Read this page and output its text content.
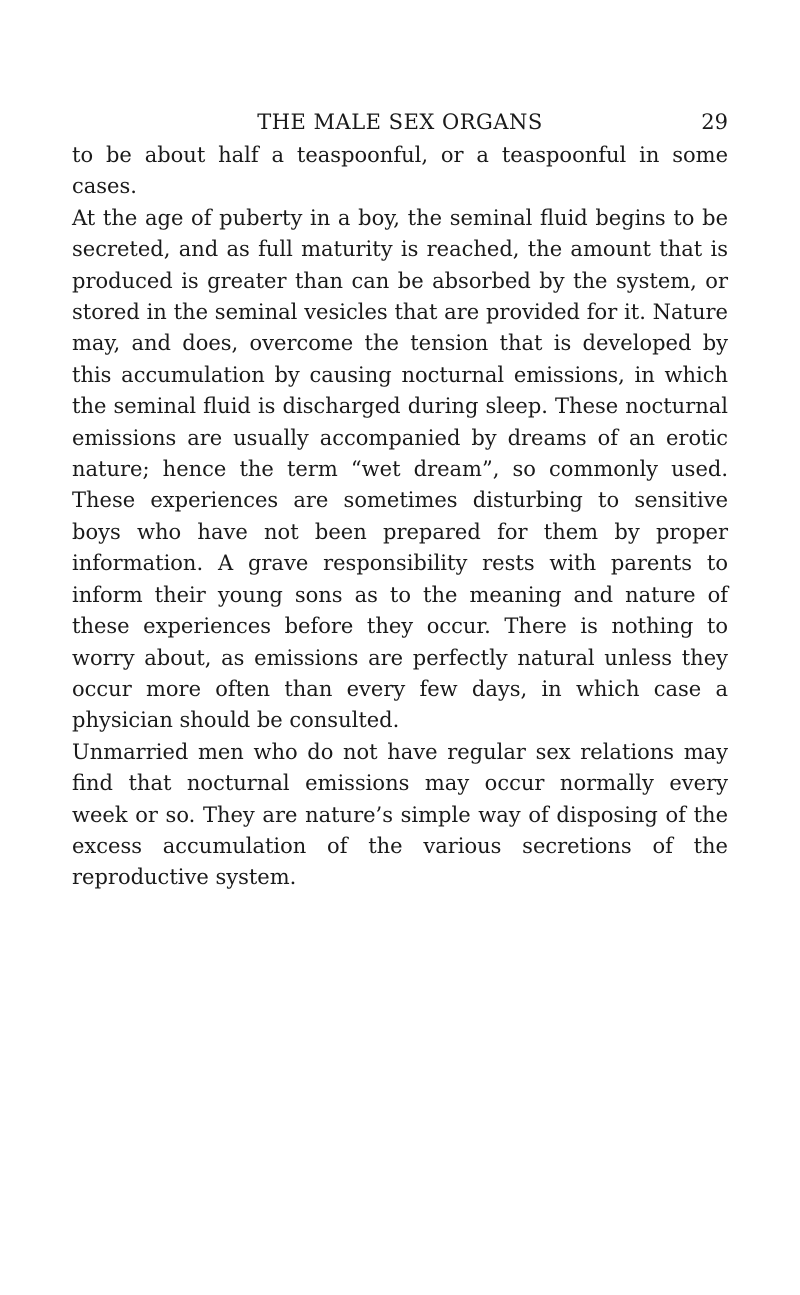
THE MALE SEX ORGANS	29

to be about half a teaspoonful, or a teaspoonful in some cases.

At the age of puberty in a boy, the seminal fluid begins to be secreted, and as full maturity is reached, the amount that is produced is greater than can be absorbed by the system, or stored in the seminal vesicles that are provided for it. Nature may, and does, overcome the tension that is developed by this accumulation by causing nocturnal emissions, in which the seminal fluid is discharged during sleep. These nocturnal emissions are usually accompanied by dreams of an erotic nature; hence the term “wet dream”, so commonly used. These experiences are sometimes disturbing to sensitive boys who have not been prepared for them by proper information. A grave responsibility rests with parents to inform their young sons as to the meaning and nature of these experiences before they occur. There is nothing to worry about, as emissions are perfectly natural unless they occur more often than every few days, in which case a physician should be consulted.

Unmarried men who do not have regular sex relations may find that nocturnal emissions may occur normally every week or so. They are nature’s simple way of disposing of the excess accumulation of the various secretions of the reproductive system.
